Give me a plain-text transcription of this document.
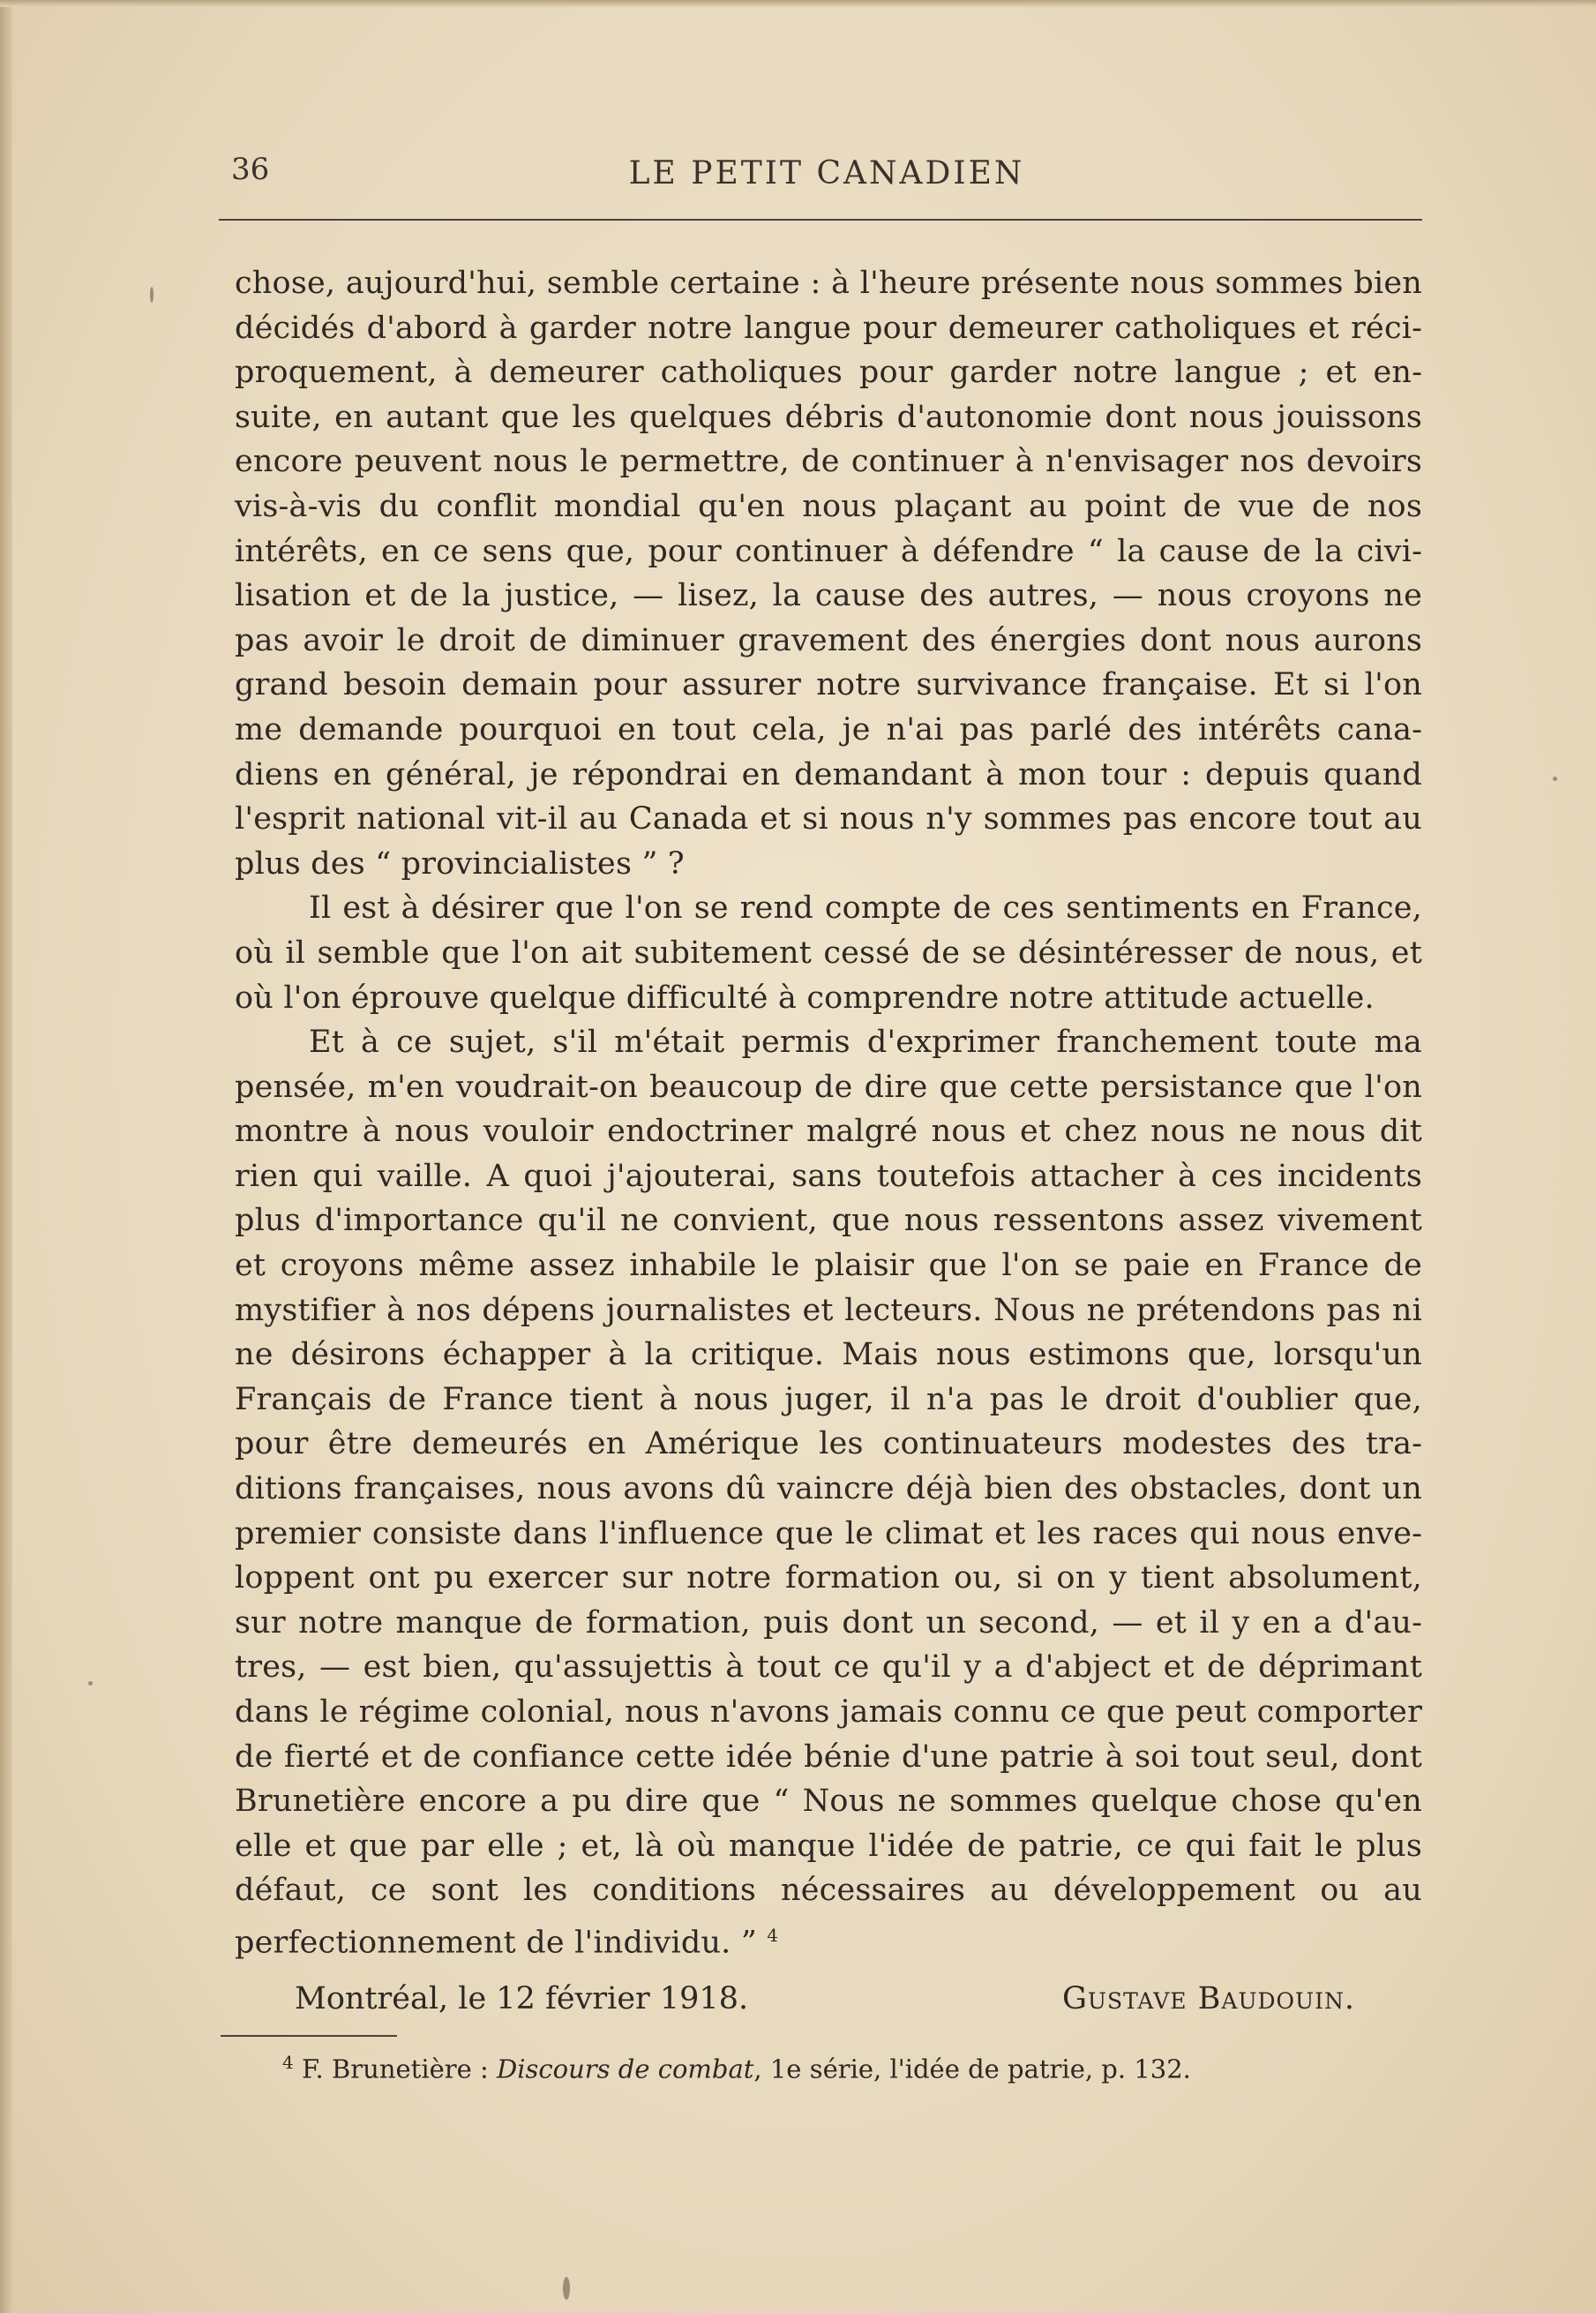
36	LE PETIT CANADIEN

chose, aujourd'hui, semble certaine : à l'heure présente nous sommes bien décidés d'abord à garder notre langue pour demeurer catholiques et réciproquement, à demeurer catholiques pour garder notre langue ; et ensuite, en autant que les quelques débris d'autonomie dont nous jouissons encore peuvent nous le permettre, de continuer à n'envisager nos devoirs vis-à-vis du conflit mondial qu'en nous plaçant au point de vue de nos intérêts, en ce sens que, pour continuer à défendre “ la cause de la civilisation et de la justice, — lisez, la cause des autres, — nous croyons ne pas avoir le droit de diminuer gravement des énergies dont nous aurons grand besoin demain pour assurer notre survivance française. Et si l'on me demande pourquoi en tout cela, je n'ai pas parlé des intérêts canadiens en général, je répondrai en demandant à mon tour : depuis quand l'esprit national vit-il au Canada et si nous n'y sommes pas encore tout au plus des “ provincialistes ” ?

Il est à désirer que l'on se rend compte de ces sentiments en France, où il semble que l'on ait subitement cessé de se désintéresser de nous, et où l'on éprouve quelque difficulté à comprendre notre attitude actuelle.

Et à ce sujet, s'il m'était permis d'exprimer franchement toute ma pensée, m'en voudrait-on beaucoup de dire que cette persistance que l'on montre à nous vouloir endoctriner malgré nous et chez nous ne nous dit rien qui vaille. A quoi j'ajouterai, sans toutefois attacher à ces incidents plus d'importance qu'il ne convient, que nous ressentons assez vivement et croyons même assez inhabile le plaisir que l'on se paie en France de mystifier à nos dépens journalistes et lecteurs. Nous ne prétendons pas ni ne désirons échapper à la critique. Mais nous estimons que, lorsqu'un Français de France tient à nous juger, il n'a pas le droit d'oublier que, pour être demeurés en Amérique les continuateurs modestes des traditions françaises, nous avons dû vaincre déjà bien des obstacles, dont un premier consiste dans l'influence que le climat et les races qui nous enveloppent ont pu exercer sur notre formation ou, si on y tient absolument, sur notre manque de formation, puis dont un second, — et il y en a d'autres, — est bien, qu'assujettis à tout ce qu'il y a d'abject et de déprimant dans le régime colonial, nous n'avons jamais connu ce que peut comporter de fierté et de confiance cette idée bénie d'une patrie à soi tout seul, dont Brunetière encore a pu dire que “ Nous ne sommes quelque chose qu'en elle et que par elle ; et, là où manque l'idée de patrie, ce qui fait le plus défaut, ce sont les conditions nécessaires au développement ou au perfectionnement de l'individu. ” $^4$

Montréal, le 12 février 1918.	Gustave Baudouin.
$^4$ F. Brunetière : Discours de combat, 1e série, l'idée de patrie, p. 132.
